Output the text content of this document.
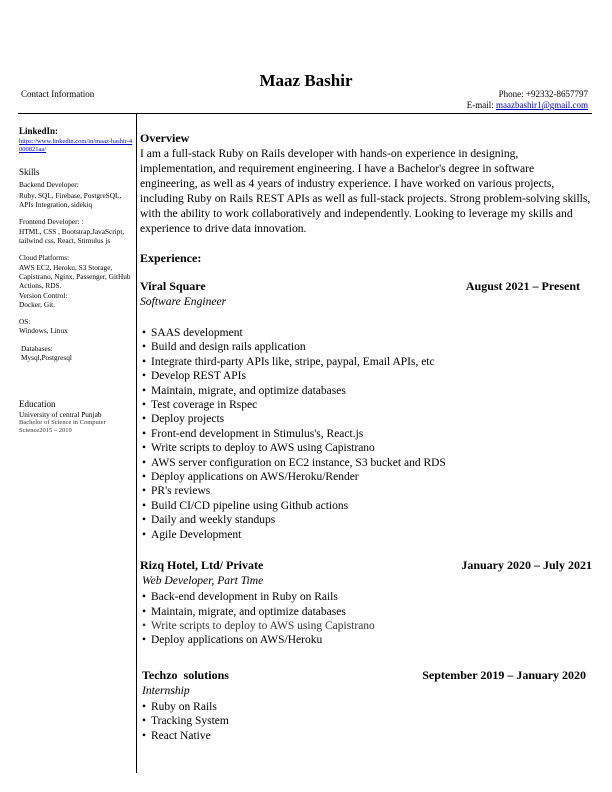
Maaz Bashir
Contact Information	Phone: +92332-8657797
E-mail: maazbashir1@gmail.com
LinkedIn:
https://www.linkedin.com/in/maaz-bashir-4000821aa/
Skills
Backend Developer:
Ruby, SQL, Firebase, PostgreSQL, APIs Integration, sidekiq
Frontend Developer: :
HTML, CSS , Bootstrap,JavaScript, tailwind css, React, Stimulus js
Cloud Platforms:
AWS EC2, Heroku, S3 Storage, Capistrano, Nginx, Passenger, GitHub Actions, RDS.
Version Control:
Docker, Git.
OS:
Windows, Linux
Databases:
Mysql,Postgresql
Education
University of central Punjab
Bachelor of Science in Computer Science2015 – 2019
Overview
I am a full-stack Ruby on Rails developer with hands-on experience in designing, implementation, and requirement engineering. I have a Bachelor's degree in software engineering, as well as 4 years of industry experience. I have worked on various projects, including Ruby on Rails REST APIs as well as full-stack projects. Strong problem-solving skills, with the ability to work collaboratively and independently. Looking to leverage my skills and experience to drive data innovation.
Experience:
Viral Square	August 2021 – Present
Software Engineer
• SAAS development
• Build and design rails application
• Integrate third-party APIs like, stripe, paypal, Email APIs, etc
• Develop REST APIs
• Maintain, migrate, and optimize databases
• Test coverage in Rspec
• Deploy projects
• Front-end development in Stimulus's, React.js
• Write scripts to deploy to AWS using Capistrano
• AWS server configuration on EC2 instance, S3 bucket and RDS
• Deploy applications on AWS/Heroku/Render
• PR's reviews
• Build CI/CD pipeline using Github actions
• Daily and weekly standups
• Agile Development
Rizq Hotel, Ltd/ Private	January 2020 – July 2021
Web Developer, Part Time
• Back-end development in Ruby on Rails
• Maintain, migrate, and optimize databases
• Write scripts to deploy to AWS using Capistrano
• Deploy applications on AWS/Heroku
Techzo  solutions	September 2019 – January 2020
Internship
• Ruby on Rails
• Tracking System
• React Native
